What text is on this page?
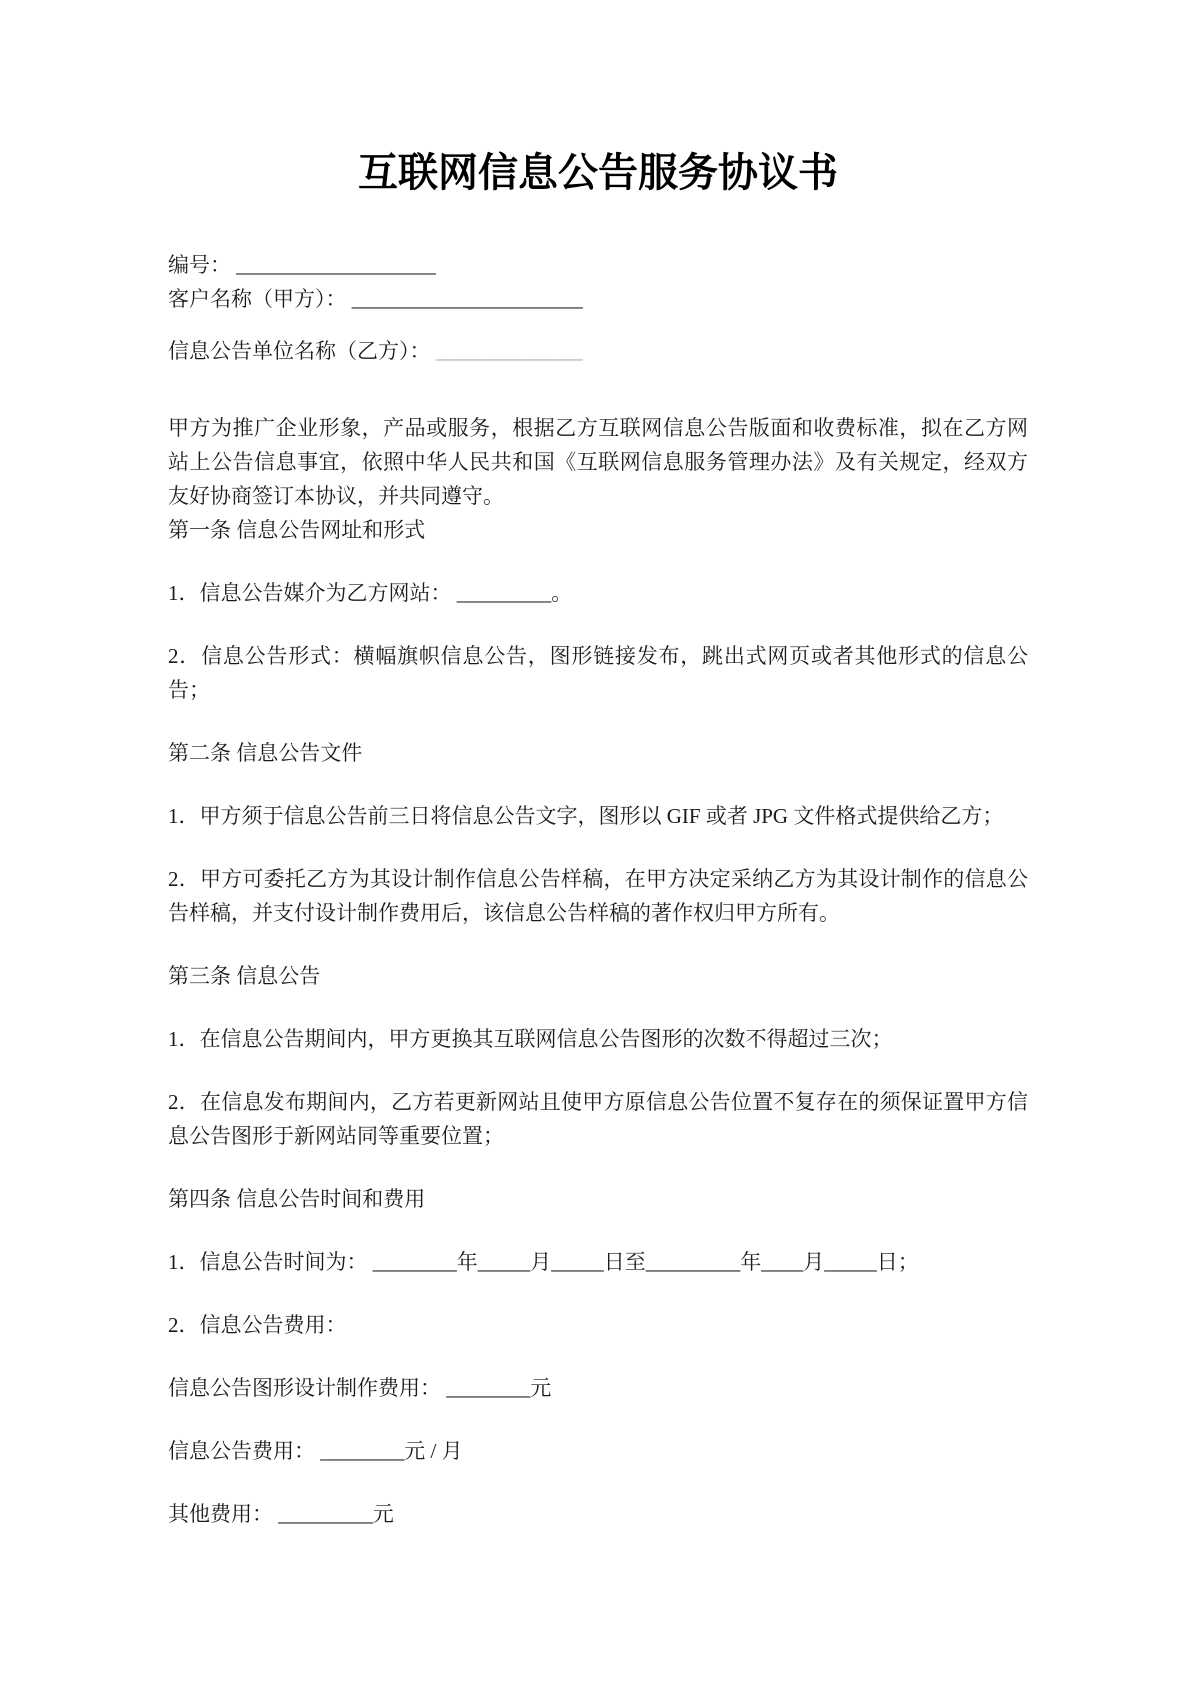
互联网信息公告服务协议书

编号： ___________________

客户名称（甲方）： ______________________

信息公告单位名称（乙方）： ______________

甲方为推广企业形象，产品或服务，根据乙方互联网信息公告版面和收费标准，拟在乙方网站上公告信息事宜，依照中华人民共和国《互联网信息服务管理办法》及有关规定，经双方友好协商签订本协议，并共同遵守。

第一条 信息公告网址和形式

1．信息公告媒介为乙方网站： _________。

2．信息公告形式：横幅旗帜信息公告，图形链接发布，跳出式网页或者其他形式的信息公告；

第二条 信息公告文件

1．甲方须于信息公告前三日将信息公告文字，图形以 GIF 或者 JPG 文件格式提供给乙方；

2．甲方可委托乙方为其设计制作信息公告样稿，在甲方决定采纳乙方为其设计制作的信息公告样稿，并支付设计制作费用后，该信息公告样稿的著作权归甲方所有。

第三条 信息公告

1．在信息公告期间内，甲方更换其互联网信息公告图形的次数不得超过三次；

2．在信息发布期间内，乙方若更新网站且使甲方原信息公告位置不复存在的须保证置甲方信息公告图形于新网站同等重要位置；

第四条 信息公告时间和费用

1．信息公告时间为： ________年_____月_____日至_________年____月_____日；

2．信息公告费用：

信息公告图形设计制作费用： ________元

信息公告费用： ________元 / 月

其他费用： _________元
